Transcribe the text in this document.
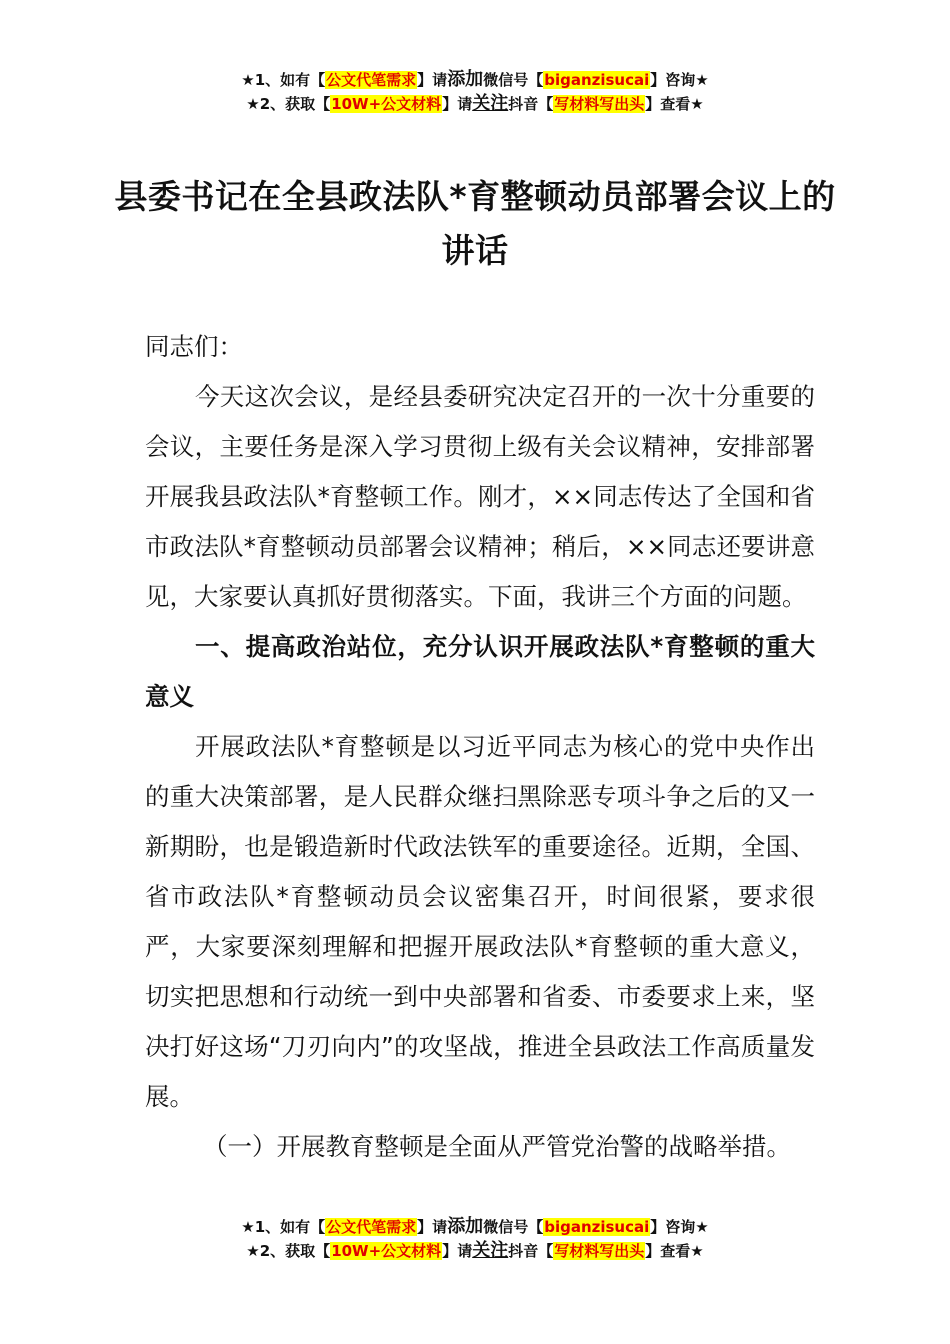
★1、如有【公文代笔需求】请添加微信号【biganzisucai】咨询★
★2、获取【10W+公文材料】请关注抖音【写材料写出头】查看★
县委书记在全县政法队*育整顿动员部署会议上的讲话

同志们：

今天这次会议，是经县委研究决定召开的一次十分重要的会议，主要任务是深入学习贯彻上级有关会议精神，安排部署开展我县政法队*育整顿工作。刚才，××同志传达了全国和省市政法队*育整顿动员部署会议精神；稍后，××同志还要讲意见，大家要认真抓好贯彻落实。下面，我讲三个方面的问题。

一、提高政治站位，充分认识开展政法队*育整顿的重大意义

开展政法队*育整顿是以习近平同志为核心的党中央作出的重大决策部署，是人民群众继扫黑除恶专项斗争之后的又一新期盼，也是锻造新时代政法铁军的重要途径。近期，全国、省市政法队*育整顿动员会议密集召开，时间很紧，要求很严，大家要深刻理解和把握开展政法队*育整顿的重大意义，切实把思想和行动统一到中央部署和省委、市委要求上来，坚决打好这场“刀刃向内”的攻坚战，推进全县政法工作高质量发展。

（一）开展教育整顿是全面从严管党治警的战略举措。

★1、如有【公文代笔需求】请添加微信号【biganzisucai】咨询★
★2、获取【10W+公文材料】请关注抖音【写材料写出头】查看★
